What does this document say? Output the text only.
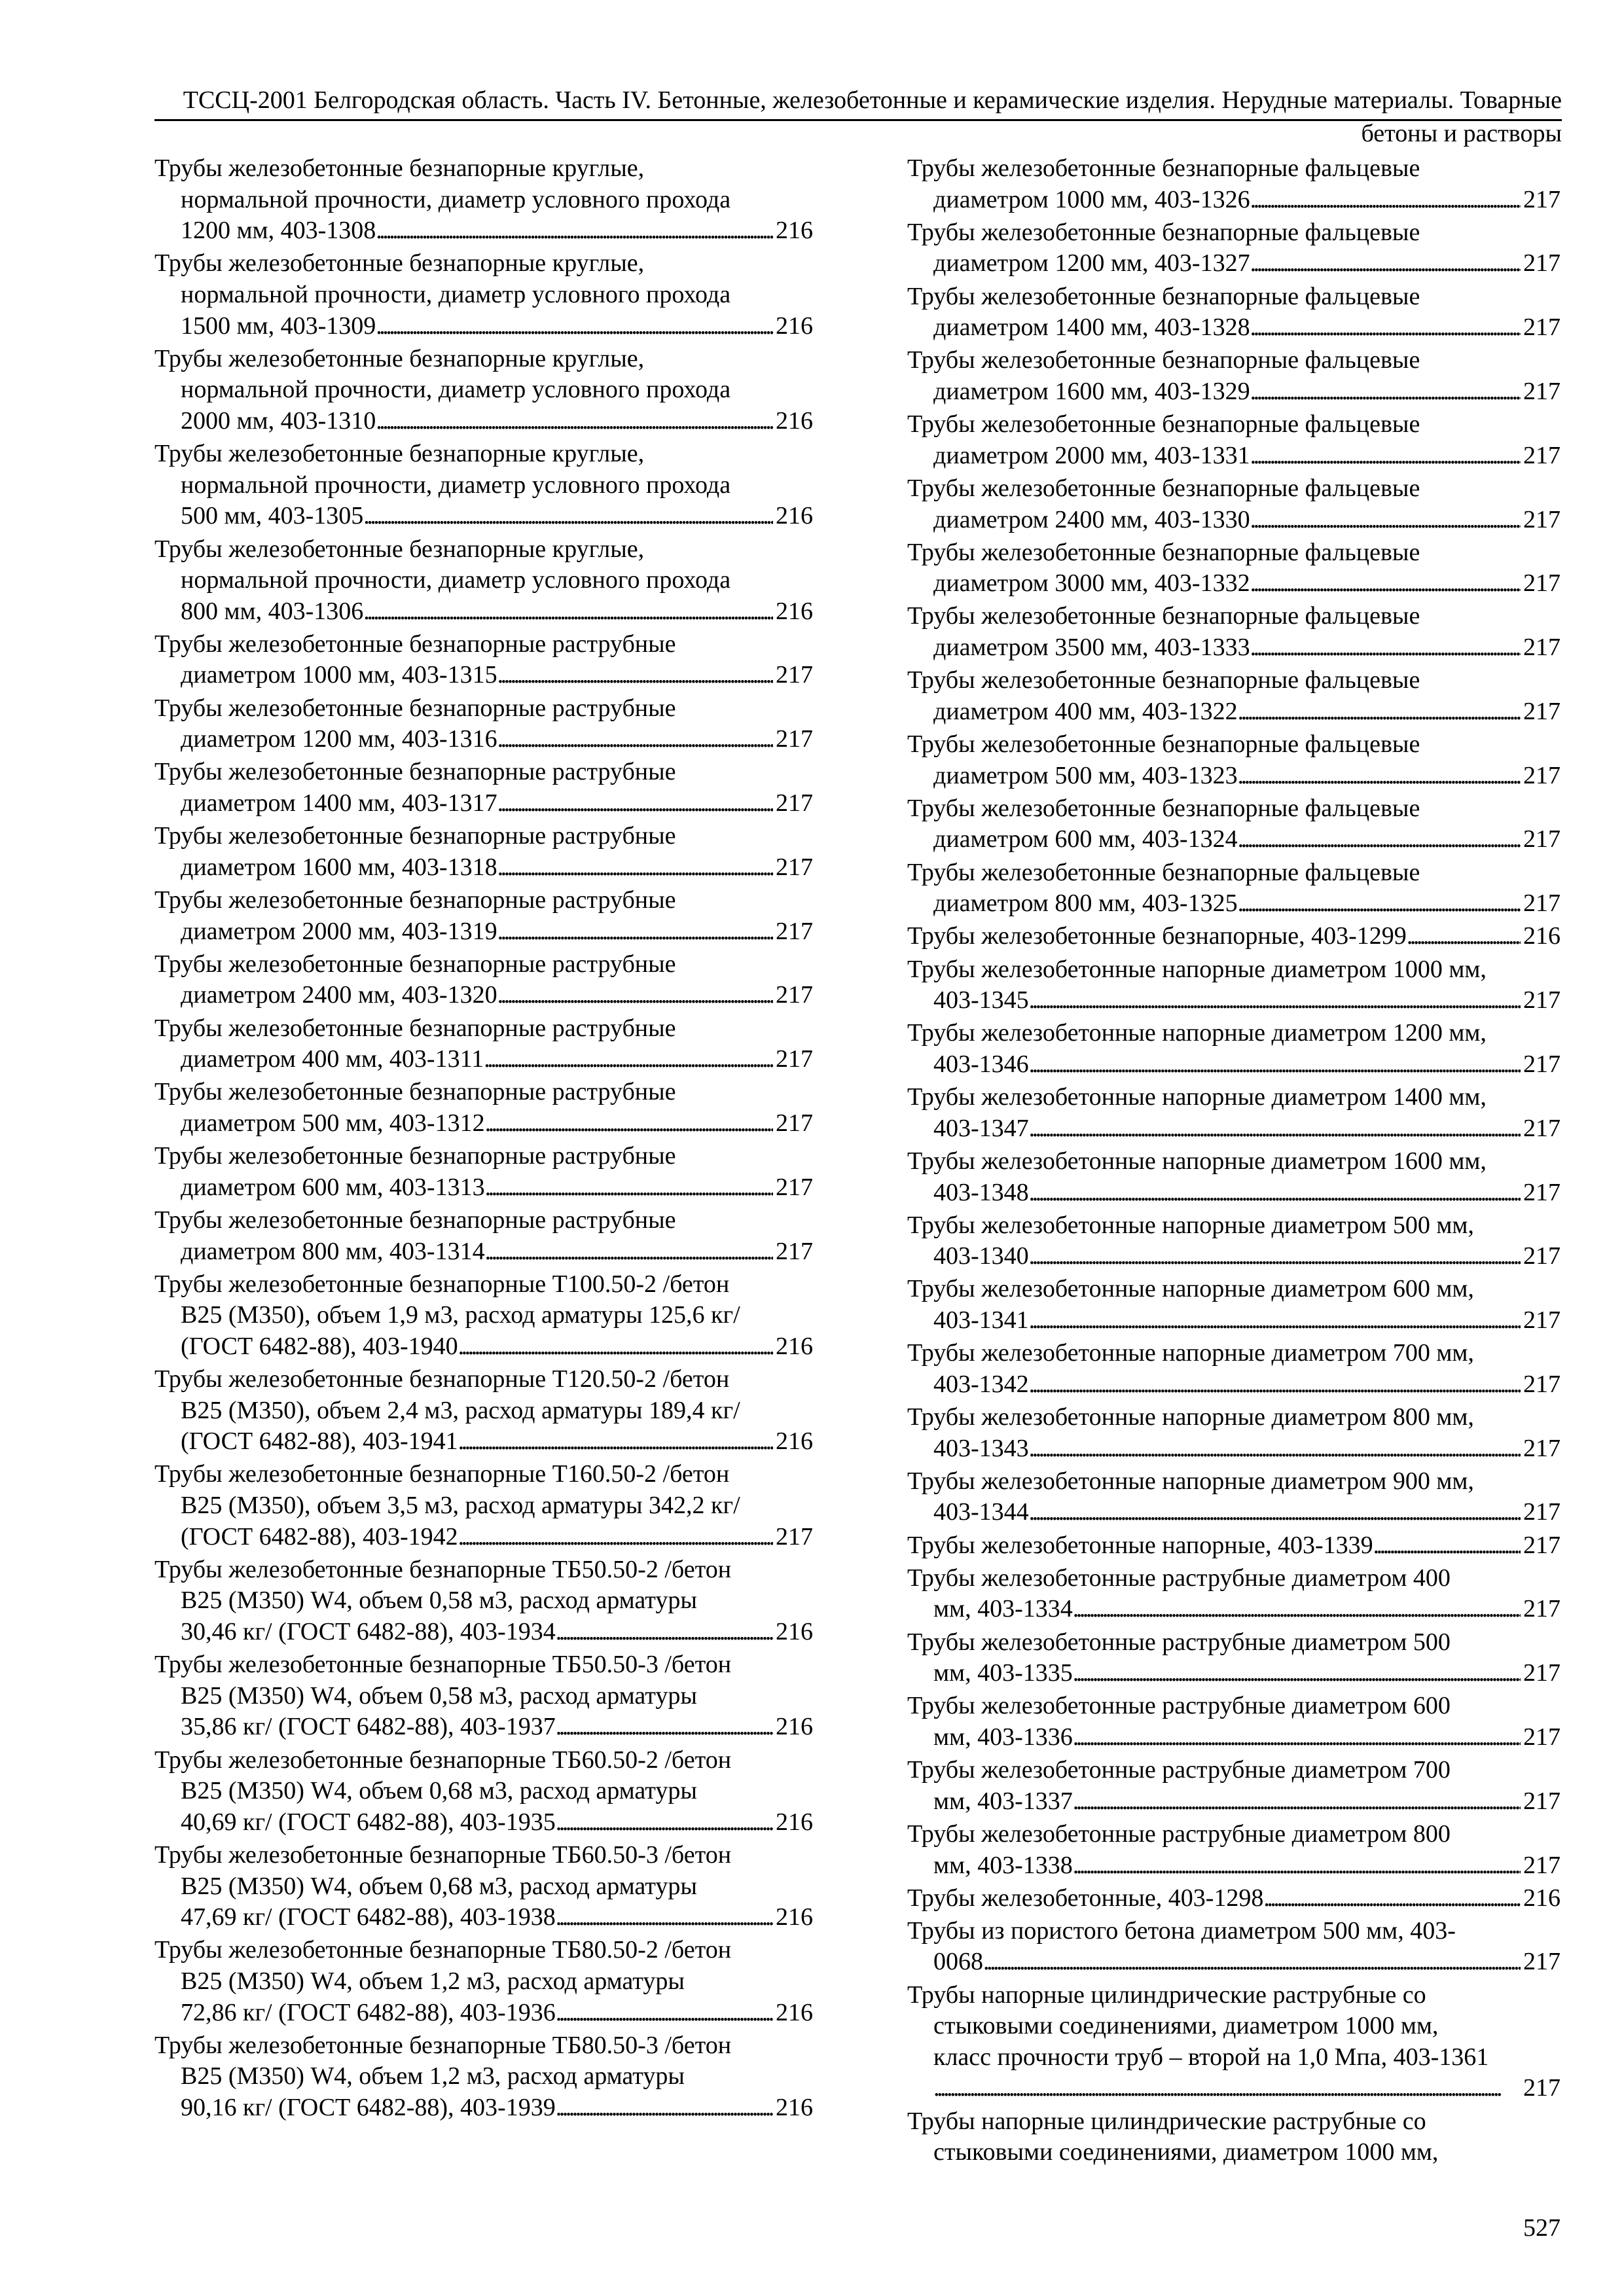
ТССЦ-2001 Белгородская область. Часть IV. Бетонные, железобетонные и керамические изделия. Нерудные материалы. Товарные бетоны и растворы
Трубы железобетонные безнапорные круглые,
нормальной прочности, диаметр условного прохода
1200 мм, 403-1308 . . .	216
Трубы железобетонные безнапорные круглые,
нормальной прочности, диаметр условного прохода
1500 мм, 403-1309 . . .	216
Трубы железобетонные безнапорные круглые,
нормальной прочности, диаметр условного прохода
2000 мм, 403-1310 . . .	216
Трубы железобетонные безнапорные круглые,
нормальной прочности, диаметр условного прохода
500 мм, 403-1305 . . .	216
Трубы железобетонные безнапорные круглые,
нормальной прочности, диаметр условного прохода
800 мм, 403-1306 . . .	216
Трубы железобетонные безнапорные раструбные
диаметром 1000 мм, 403-1315 . . .	217
Трубы железобетонные безнапорные раструбные
диаметром 1200 мм, 403-1316 . . .	217
Трубы железобетонные безнапорные раструбные
диаметром 1400 мм, 403-1317 . . .	217
Трубы железобетонные безнапорные раструбные
диаметром 1600 мм, 403-1318 . . .	217
Трубы железобетонные безнапорные раструбные
диаметром 2000 мм, 403-1319 . . .	217
Трубы железобетонные безнапорные раструбные
диаметром 2400 мм, 403-1320 . . .	217
Трубы железобетонные безнапорные раструбные
диаметром 400 мм, 403-1311 . . .	217
Трубы железобетонные безнапорные раструбные
диаметром 500 мм, 403-1312 . . .	217
Трубы железобетонные безнапорные раструбные
диаметром 600 мм, 403-1313 . . .	217
Трубы железобетонные безнапорные раструбные
диаметром 800 мм, 403-1314 . . .	217
Трубы железобетонные безнапорные Т100.50-2 /бетон
В25 (М350), объем 1,9 м3, расход арматуры 125,6 кг/
(ГОСТ 6482-88), 403-1940 . . .	216
Трубы железобетонные безнапорные Т120.50-2 /бетон
В25 (М350), объем 2,4 м3, расход арматуры 189,4 кг/
(ГОСТ 6482-88), 403-1941 . . .	216
Трубы железобетонные безнапорные Т160.50-2 /бетон
В25 (М350), объем 3,5 м3, расход арматуры 342,2 кг/
(ГОСТ 6482-88), 403-1942 . . .	217
Трубы железобетонные безнапорные ТБ50.50-2 /бетон
В25 (М350) W4, объем 0,58 м3, расход арматуры
30,46 кг/ (ГОСТ 6482-88), 403-1934 . . .	216
Трубы железобетонные безнапорные ТБ50.50-3 /бетон
В25 (М350) W4, объем 0,58 м3, расход арматуры
35,86 кг/ (ГОСТ 6482-88), 403-1937 . . .	216
Трубы железобетонные безнапорные ТБ60.50-2 /бетон
В25 (М350) W4, объем 0,68 м3, расход арматуры
40,69 кг/ (ГОСТ 6482-88), 403-1935 . . .	216
Трубы железобетонные безнапорные ТБ60.50-3 /бетон
В25 (М350) W4, объем 0,68 м3, расход арматуры
47,69 кг/ (ГОСТ 6482-88), 403-1938 . . .	216
Трубы железобетонные безнапорные ТБ80.50-2 /бетон
В25 (М350) W4, объем 1,2 м3, расход арматуры
72,86 кг/ (ГОСТ 6482-88), 403-1936 . . .	216
Трубы железобетонные безнапорные ТБ80.50-3 /бетон
В25 (М350) W4, объем 1,2 м3, расход арматуры
90,16 кг/ (ГОСТ 6482-88), 403-1939 . . .	216
Трубы железобетонные безнапорные фальцевые
диаметром 1000 мм, 403-1326 . . .	217
Трубы железобетонные безнапорные фальцевые
диаметром 1200 мм, 403-1327 . . .	217
Трубы железобетонные безнапорные фальцевые
диаметром 1400 мм, 403-1328 . . .	217
Трубы железобетонные безнапорные фальцевые
диаметром 1600 мм, 403-1329 . . .	217
Трубы железобетонные безнапорные фальцевые
диаметром 2000 мм, 403-1331 . . .	217
Трубы железобетонные безнапорные фальцевые
диаметром 2400 мм, 403-1330 . . .	217
Трубы железобетонные безнапорные фальцевые
диаметром 3000 мм, 403-1332 . . .	217
Трубы железобетонные безнапорные фальцевые
диаметром 3500 мм, 403-1333 . . .	217
Трубы железобетонные безнапорные фальцевые
диаметром 400 мм, 403-1322 . . .	217
Трубы железобетонные безнапорные фальцевые
диаметром 500 мм, 403-1323 . . .	217
Трубы железобетонные безнапорные фальцевые
диаметром 600 мм, 403-1324 . . .	217
Трубы железобетонные безнапорные фальцевые
диаметром 800 мм, 403-1325 . . .	217
Трубы железобетонные безнапорные, 403-1299 . . .	216
Трубы железобетонные напорные диаметром 1000 мм,
403-1345 . . .	217
Трубы железобетонные напорные диаметром 1200 мм,
403-1346 . . .	217
Трубы железобетонные напорные диаметром 1400 мм,
403-1347 . . .	217
Трубы железобетонные напорные диаметром 1600 мм,
403-1348 . . .	217
Трубы железобетонные напорные диаметром 500 мм,
403-1340 . . .	217
Трубы железобетонные напорные диаметром 600 мм,
403-1341 . . .	217
Трубы железобетонные напорные диаметром 700 мм,
403-1342 . . .	217
Трубы железобетонные напорные диаметром 800 мм,
403-1343 . . .	217
Трубы железобетонные напорные диаметром 900 мм,
403-1344 . . .	217
Трубы железобетонные напорные, 403-1339 . . .	217
Трубы железобетонные раструбные диаметром 400
мм, 403-1334 . . .	217
Трубы железобетонные раструбные диаметром 500
мм, 403-1335 . . .	217
Трубы железобетонные раструбные диаметром 600
мм, 403-1336 . . .	217
Трубы железобетонные раструбные диаметром 700
мм, 403-1337 . . .	217
Трубы железобетонные раструбные диаметром 800
мм, 403-1338 . . .	217
Трубы железобетонные, 403-1298 . . .	216
Трубы из пористого бетона диаметром 500 мм, 403-
0068 . . .	217
Трубы напорные цилиндрические раструбные со
стыковыми соединениями, диаметром 1000 мм,
класс прочности труб – второй на 1,0 Мпа, 403-1361
. . .
217
Трубы напорные цилиндрические раструбные со
стыковыми соединениями, диаметром 1000 мм,
527
